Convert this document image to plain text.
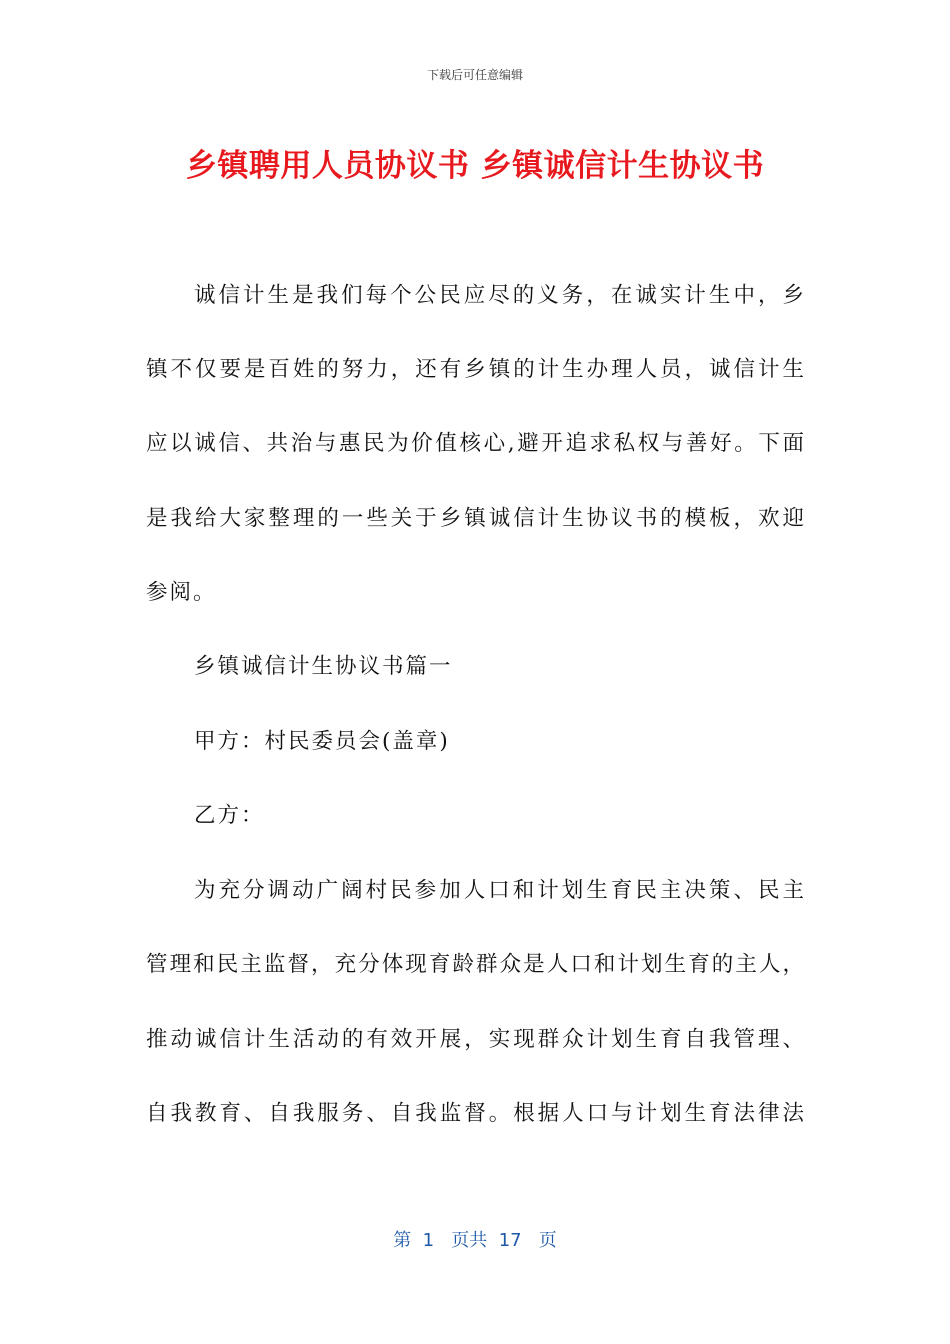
下载后可任意编辑
乡镇聘用人员协议书 乡镇诚信计生协议书
诚信计生是我们每个公民应尽的义务，在诚实计生中，乡
镇不仅要是百姓的努力，还有乡镇的计生办理人员，诚信计生
应以诚信、共治与惠民为价值核心,避开追求私权与善好。下面
是我给大家整理的一些关于乡镇诚信计生协议书的模板，欢迎
参阅。
乡镇诚信计生协议书篇一
甲方：村民委员会(盖章)
乙方：
为充分调动广阔村民参加人口和计划生育民主决策、民主
管理和民主监督，充分体现育龄群众是人口和计划生育的主人，
推动诚信计生活动的有效开展，实现群众计划生育自我管理、
自我教育、自我服务、自我监督。根据人口与计划生育法律法
第  1   页共  17   页
